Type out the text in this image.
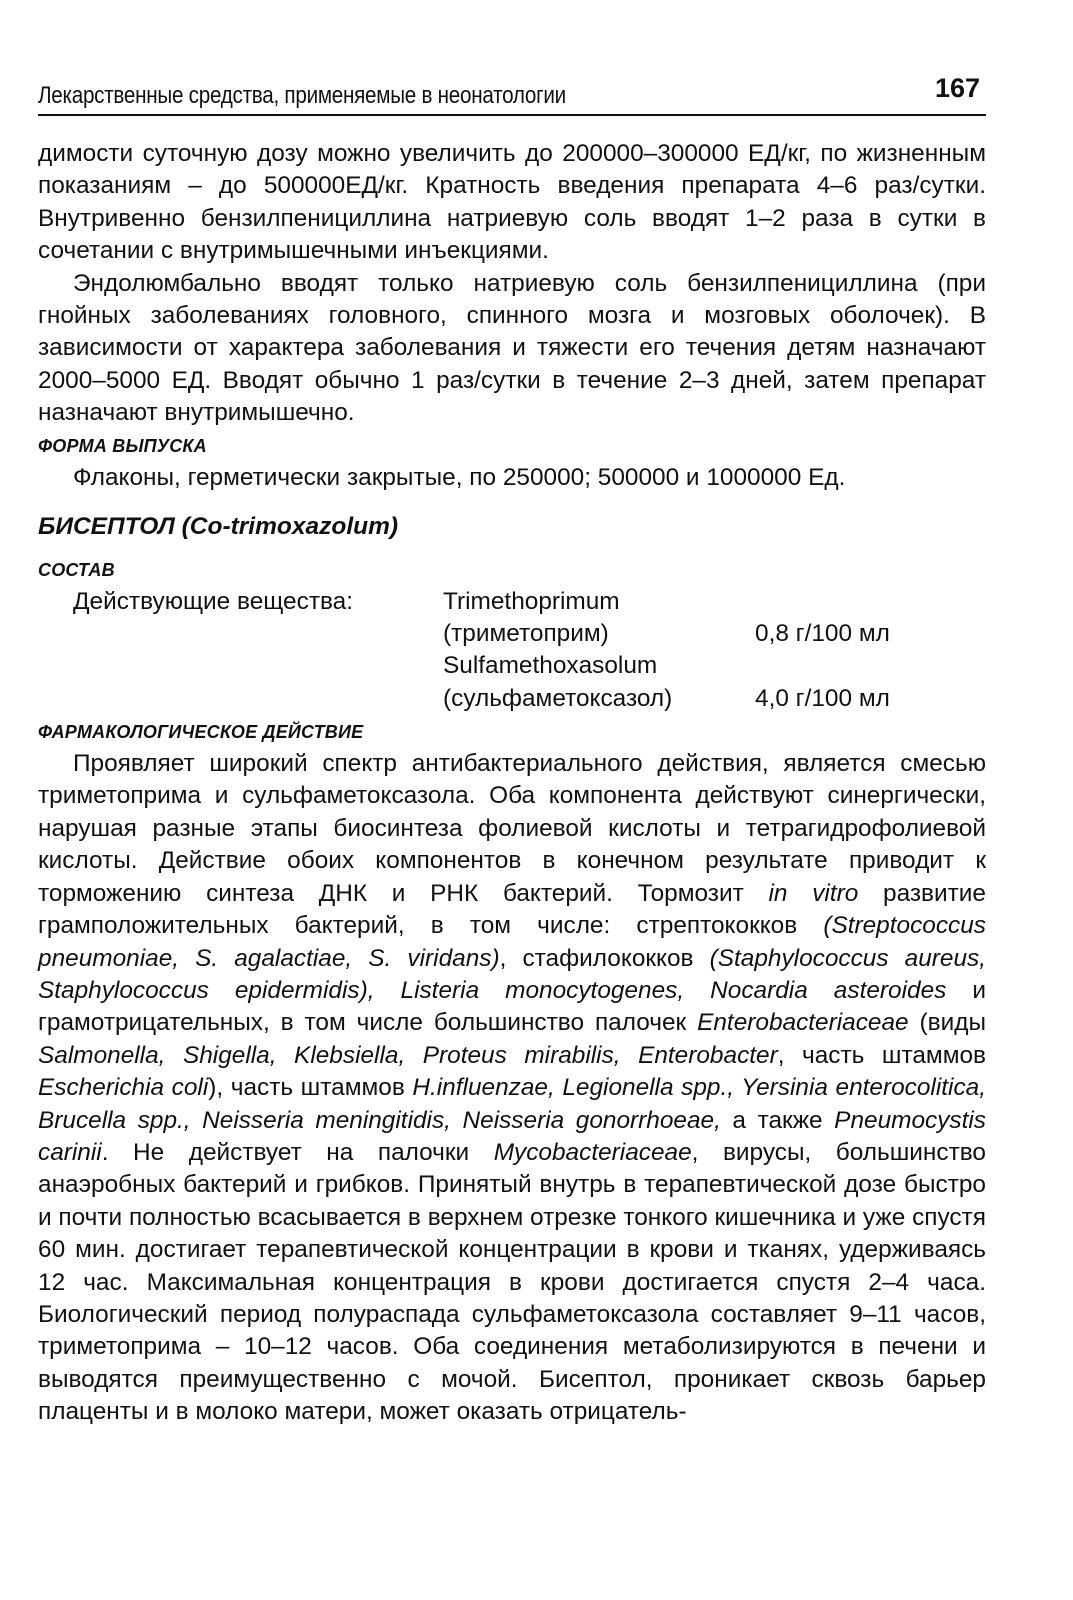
Лекарственные средства, применяемые в неонатологии	167

димости суточную дозу можно увеличить до 200000–300000 ЕД/кг, по жизненным показаниям – до 500000ЕД/кг. Кратность введения препарата 4–6 раз/сутки. Внутривенно бензилпенициллина натриевую соль вводят 1–2 раза в сутки в сочетании с внутримышечными инъекциями.

Эндолюмбально вводят только натриевую соль бензилпенициллина (при гнойных заболеваниях головного, спинного мозга и мозговых оболочек). В зависимости от характера заболевания и тяжести его течения детям назначают 2000–5000 ЕД. Вводят обычно 1 раз/сутки в течение 2–3 дней, затем препарат назначают внутримышечно.

ФОРМА ВЫПУСКА

Флаконы, герметически закрытые, по 250000; 500000 и 1000000 Ед.

БИСЕПТОЛ (Co-trimoxazolum)
СОСТАВ
Действующие вещества:	Trimethoprimum
(триметоприм)	0,8 г/100 мл
Sulfamethoxasolum
(сульфаметоксазол)	4,0 г/100 мл
ФАРМАКОЛОГИЧЕСКОЕ ДЕЙСТВИЕ

Проявляет широкий спектр антибактериального действия, является смесью триметоприма и сульфаметоксазола. Оба компонента действуют синергически, нарушая разные этапы биосинтеза фолиевой кислоты и тетрагидрофолиевой кислоты. Действие обоих компонентов в конечном результате приводит к торможению синтеза ДНК и РНК бактерий. Тормозит in vitro развитие грамположительных бактерий, в том числе: стрептококков (Streptococcus pneumoniae, S. agalactiae, S. viridans), стафилококков (Staphylococcus aureus, Staphylococcus epidermidis), Listeria monocytogenes, Nocardia asteroides и грамотрицательных, в том числе большинство палочек Enterobacteriaceae (виды Salmonella, Shigella, Klebsiella, Proteus mirabilis, Enterobacter, часть штаммов Escherichia coli), часть штаммов H.influenzae, Legionella spp., Yersinia enterocolitica, Brucella spp., Neisseria meningitidis, Neisseria gonorrhoeae, а также Pneumocystis carinii. Не действует на палочки Mycobacteriaceae, вирусы, большинство анаэробных бактерий и грибков. Принятый внутрь в терапевтической дозе быстро и почти полностью всасывается в верхнем отрезке тонкого кишечника и уже спустя 60 мин. достигает терапевтической концентрации в крови и тканях, удерживаясь 12 час. Максимальная концентрация в крови достигается спустя 2–4 часа. Биологический период полураспада сульфаметоксазола составляет 9–11 часов, триметоприма – 10–12 часов. Оба соединения метаболизируются в печени и выводятся преимущественно с мочой. Бисептол, проникает сквозь барьер плаценты и в молоко матери, может оказать отрицатель-
